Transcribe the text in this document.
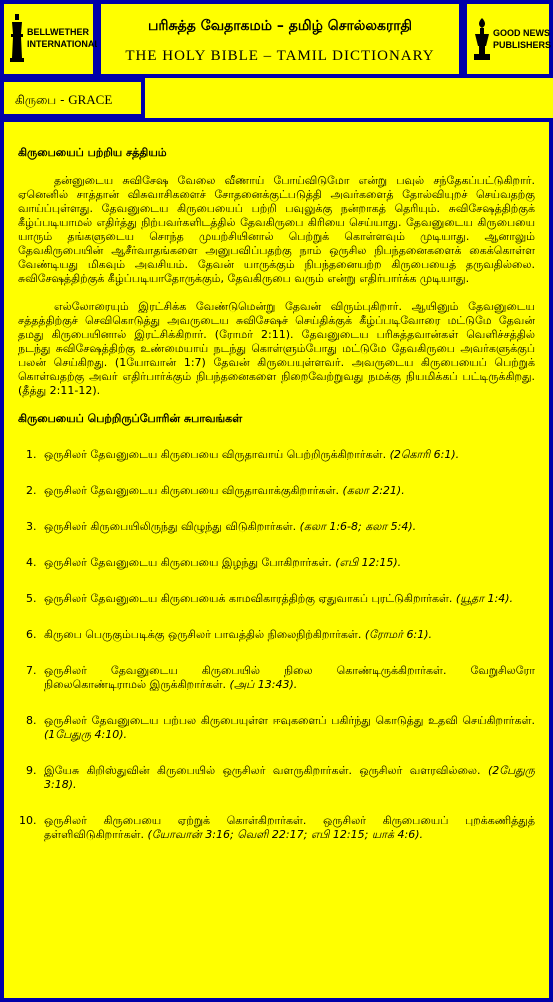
BELLWETHER
INTERNATIONAL
பரிசுத்த வேதாகமம் – தமிழ் சொல்லகராதி
THE HOLY BIBLE – TAMIL DICTIONARY
GOOD NEWS
PUBLISHERS
கிருபை - GRACE
கிருபையைப் பற்றிய சத்தியம்

தன்னுடைய சுவிசேஷ வேலை வீணாய் போய்விடுமோ என்று பவுல் சந்தேகப்பட்டுகிறார். ஏனெனில் சாத்தான் விசுவாசிகளைச் சோதனைக்குட்படுத்தி அவர்களைத் தோல்வியுறச் செய்வதற்கு வாய்ப்புள்ளது. தேவனுடைய கிருபையைப் பற்றி பவுலுக்கு நன்றாகத் தெரியும். சுவிசேஷத்திற்குக் கீழ்ப்படியாமல் எதிர்த்து நிற்பவர்களிடத்தில் தேவகிருபை கிரியை செய்யாது. தேவனுடைய கிருபையை யாரும் தங்களுடைய சொந்த முயற்சியினால் பெற்றுக் கொள்ளவும் முடியாது. ஆனாலும் தேவகிருபையின் ஆசீர்வாதங்களை அனுபவிப்பதற்கு நாம் ஒருசில நிபந்தனைகளைக் கைக்கொள்ள வேண்டியது மிகவும் அவசியம். தேவன் யாருக்கும் நிபந்தனையற்ற கிருபையைத் தருவதில்லை. சுவிசேஷத்திற்குக் கீழ்ப்படியாதோருக்கும், தேவகிருபை வரும் என்று எதிர்பார்க்க முடியாது.

எல்லோரையும் இரட்சிக்க வேண்டுமென்று தேவன் விரும்புகிறார். ஆயினும் தேவனுடைய சத்தத்திற்குச் செவிகொடுத்து அவருடைய சுவிசேஷச் செய்திக்குக் கீழ்ப்படிவோரை மட்டுமே தேவன் தமது கிருபையினால் இரட்சிக்கிறார். (ரோமர் 2:11). தேவனுடைய பரிசுத்தவான்கள் வெளிச்சத்தில் நடந்து சுவிசேஷத்திற்கு உண்மையாய் நடந்து கொள்ளும்போது மட்டுமே தேவகிருபை அவர்களுக்குப் பலன் செய்கிறது. (1யோவான் 1:7) தேவன் கிருபையுள்ளவர். அவருடைய கிருபையைப் பெற்றுக் கொள்வதற்கு அவர் எதிர்பார்க்கும் நிபந்தனைகளை நிறைவேற்றுவது நமக்கு நியமிக்கப் பட்டிருக்கிறது. (தீத்து 2:11-12).

கிருபையைப் பெற்றிருப்போரின் சுபாவங்கள்
1. ஒருசிலர் தேவனுடைய கிருபையை விருதாவாய் பெற்றிருக்கிறார்கள். (2கொரி 6:1).
2. ஒருசிலர் தேவனுடைய கிருபையை விருதாவாக்குகிறார்கள். (கலா 2:21).
3. ஒருசிலர் கிருபையிலிருந்து விழுந்து விடுகிறார்கள். (கலா 1:6-8; கலா 5:4).
4. ஒருசிலர் தேவனுடைய கிருபையை இழந்து போகிறார்கள். (எபி 12:15).
5. ஒருசிலர் தேவனுடைய கிருபையைக் காமவிகாரத்திற்கு ஏதுவாகப் புரட்டுகிறார்கள். (யூதா 1:4).
6. கிருபை பெருகும்படிக்கு ஒருசிலர் பாவத்தில் நிலைநிற்கிறார்கள். (ரோமர் 6:1).
7. ஒருசிலர் தேவனுடைய கிருபையில் நிலை கொண்டிருக்கிறார்கள். வேறுசிலரோ நிலைகொண்டிராமல் இருக்கிறார்கள். (அப் 13:43).
8. ஒருசிலர் தேவனுடைய பற்பல கிருபையுள்ள ஈவுகளைப் பகிர்ந்து கொடுத்து உதவி செய்கிறார்கள். (1பேதுரு 4:10).
9. இயேசு கிறிஸ்துவின் கிருபையில் ஒருசிலர் வளருகிறார்கள். ஒருசிலர் வளரவில்லை. (2பேதுரு 3:18).
10. ஒருசிலர் கிருபையை ஏற்றுக் கொள்கிறார்கள். ஒருசிலர் கிருபையைப் புறக்கணித்துத் தள்ளிவிடுகிறார்கள். (யோவான் 3:16; வெளி 22:17; எபி 12:15; யாக் 4:6).
